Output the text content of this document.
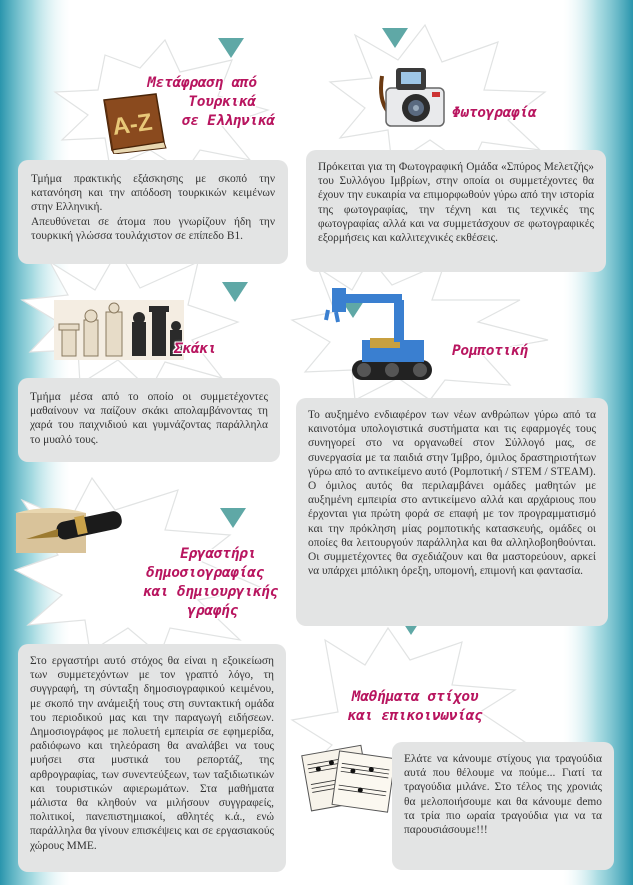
A-Z
Μετάφραση από
Τουρκικά
σε Ελληνικά	Φωτογραφία
Σκάκι	Ρομποτική
Εργαστήρι
δημοσιογραφίας
και δημιουργικής
γραφής
Μαθήματα στίχου
και επικοινωνίας

Τμήμα πρακτικής εξάσκησης με σκοπό την κατανόηση και την απόδοση τουρκικών κειμένων στην Ελληνική.
Απευθύνεται σε άτομα που γνωρίζουν ήδη την τουρκική γλώσσα τουλάχιστον σε επίπεδο Β1.

Πρόκειται για τη Φωτογραφική Ομάδα «Σπύρος Μελετζής» του Συλλόγου Ιμβρίων, στην οποία οι συμμετέχοντες θα έχουν την ευκαιρία να επιμορφωθούν γύρω από την ιστορία της φωτογραφίας, την τέχνη και τις τεχνικές της φωτογραφίας αλλά και να συμμετάσχουν σε φωτογραφικές εξορμήσεις και καλλιτεχνικές εκθέσεις.

Τμήμα μέσα από το οποίο οι συμμετέχοντες μαθαίνουν να παίζουν σκάκι απολαμβάνοντας τη χαρά του παιχνιδιού και γυμνάζοντας παράλληλα το μυαλό τους.

Το αυξημένο ενδιαφέρον των νέων ανθρώπων γύρω από τα καινοτόμα υπολογιστικά συστήματα και τις εφαρμογές τους συνηγορεί στο να οργανωθεί στον Σύλλογό μας, σε συνεργασία με τα παιδιά στην Ίμβρο, όμιλος δραστηριοτήτων γύρω από το αντικείμενο αυτό (Ρομποτική / STEM / STEAM).
Ο όμιλος αυτός θα περιλαμβάνει ομάδες μαθητών με αυξημένη εμπειρία στο αντικείμενο αλλά και αρχάριους που έρχονται για πρώτη φορά σε επαφή με τον προγραμματισμό και την πρόκληση μίας ρομποτικής κατασκευής, ομάδες οι οποίες θα λειτουργούν παράλληλα και θα αλληλοβοηθούνται. Οι συμμετέχοντες θα σχεδιάζουν και θα μαστορεύουν, αρκεί να υπάρχει μπόλικη όρεξη, υπομονή, επιμονή και φαντασία.

Στο εργαστήρι αυτό στόχος θα είναι η εξοικείωση των συμμετεχόντων με τον γραπτό λόγο, τη συγγραφή, τη σύνταξη δημοσιογραφικού κειμένου, με σκοπό την ανάμειξή τους στη συντακτική ομάδα του περιοδικού μας και την παραγωγή ειδήσεων. Δημοσιογράφος με πολυετή εμπειρία σε εφημερίδα, ραδιόφωνο και τηλεόραση θα αναλάβει να τους μυήσει στα μυστικά του ρεπορτάζ, της αρθρογραφίας, των συνεντεύξεων, των ταξιδιωτικών και τουριστικών αφιερωμάτων. Στα μαθήματα μάλιστα θα κληθούν να μιλήσουν συγγραφείς, πολιτικοί, πανεπιστημιακοί, αθλητές κ.ά., ενώ παράλληλα θα γίνουν επισκέψεις και σε εργασιακούς χώρους ΜΜΕ.

Ελάτε να κάνουμε στίχους για τραγούδια αυτά που θέλουμε να πούμε... Γιατί τα τραγούδια μιλάνε. Στο τέλος της χρονιάς θα μελοποιήσουμε και θα κάνουμε demo τα τρία πιο ωραία τραγούδια για να τα παρουσιάσουμε!!!
